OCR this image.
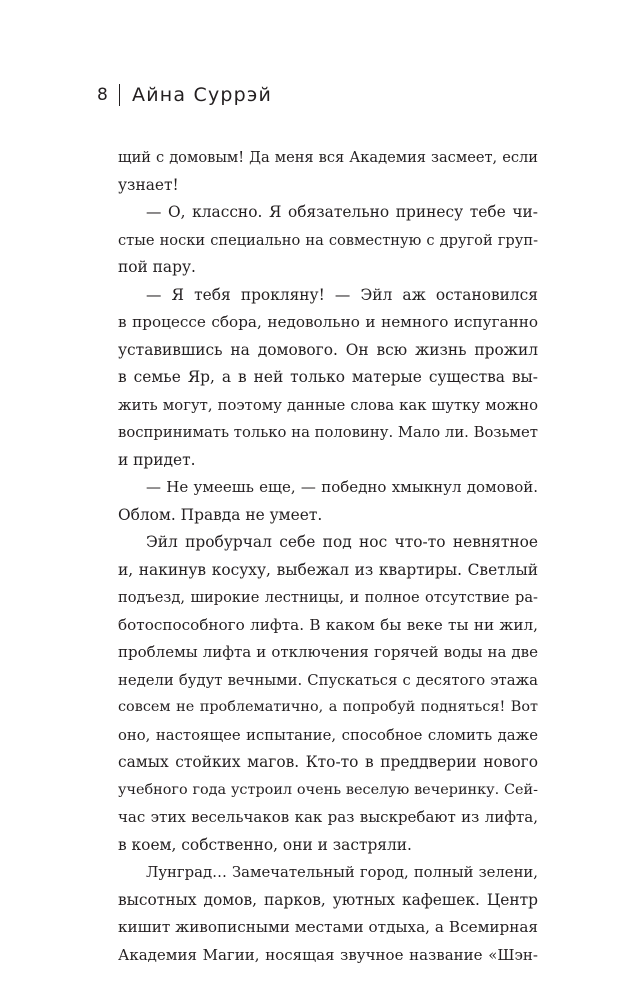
8 Айна Суррэй
щий с домовым! Да меня вся Академия засмеет, если
узнает!
— О, классно. Я обязательно принесу тебе чи-
стые носки специально на совместную с другой груп-
пой пару.
— Я тебя прокляну! — Эйл аж остановился
в процессе сбора, недовольно и немного испуганно
уставившись на домового. Он всю жизнь прожил
в семье Яр, а в ней только матерые существа вы-
жить могут, поэтому данные слова как шутку можно
воспринимать только на половину. Мало ли. Возьмет
и придет.
— Не умеешь еще, — победно хмыкнул домовой.
Облом. Правда не умеет.
Эйл пробурчал себе под нос что-то невнятное
и, накинув косуху, выбежал из квартиры. Светлый
подъезд, широкие лестницы, и полное отсутствие ра-
ботоспособного лифта. В каком бы веке ты ни жил,
проблемы лифта и отключения горячей воды на две
недели будут вечными. Спускаться с десятого этажа
совсем не проблематично, а попробуй подняться! Вот
оно, настоящее испытание, способное сломить даже
самых стойких магов. Кто-то в преддверии нового
учебного года устроил очень веселую вечеринку. Сей-
час этих весельчаков как раз выскребают из лифта,
в коем, собственно, они и застряли.
Лунград… Замечательный город, полный зелени,
высотных домов, парков, уютных кафешек. Центр
кишит живописными местами отдыха, а Всемирная
Академия Магии, носящая звучное название «Шэн-
